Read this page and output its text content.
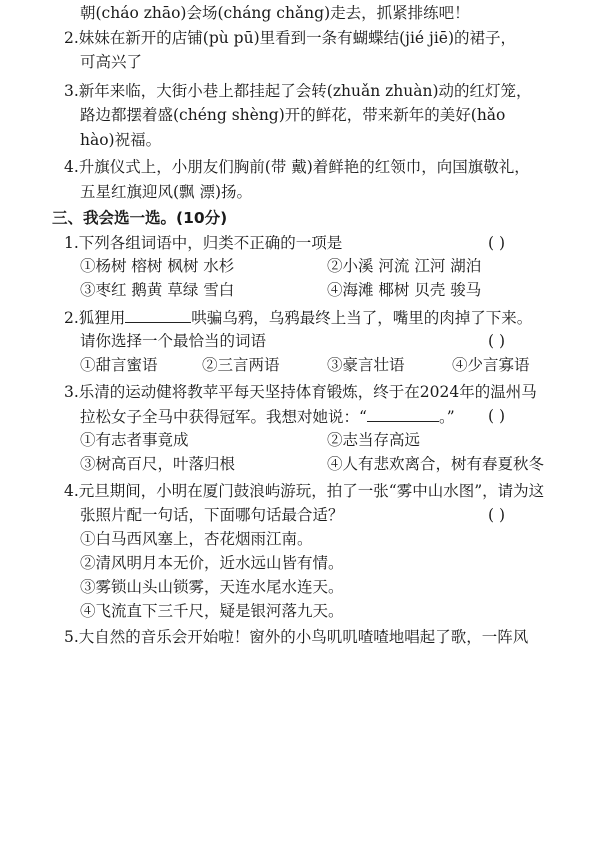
朝(cháo zhāo)会场(cháng chǎng)走去，抓紧排练吧！
2.妹妹在新开的店铺(pù pū)里看到一条有蝴蝶结(jié jiē)的裙子，
可高兴了
3.新年来临，大街小巷上都挂起了会转(zhuǎn zhuàn)动的红灯笼，
路边都摆着盛(chéng shèng)开的鲜花，带来新年的美好(hǎo
hào)祝福。
4.升旗仪式上，小朋友们胸前(带 戴)着鲜艳的红领巾，向国旗敬礼，
五星红旗迎风(飘 漂)扬。
三、我会选一选。(10分)
1.下列各组词语中，归类不正确的一项是	( )
①杨树 榕树 枫树 水杉	②小溪 河流 江河 湖泊
③枣红 鹅黄 草绿 雪白	④海滩 椰树 贝壳 骏马
2.狐狸用	哄骗乌鸦，乌鸦最终上当了，嘴里的肉掉了下来。
请你选择一个最恰当的词语	( )
①甜言蜜语	②三言两语	③豪言壮语	④少言寡语
3.乐清的运动健将教苹平每天坚持体育锻炼，终于在2024年的温州马
拉松女子全马中获得冠军。我想对她说：“	。” ( )
①有志者事竟成	②志当存高远
③树高百尺，叶落归根	④人有悲欢离合，树有春夏秋冬
4.元旦期间，小明在厦门鼓浪屿游玩，拍了一张“雾中山水图”，请为这
张照片配一句话，下面哪句话最合适？	( )
①白马西风塞上，杏花烟雨江南。
②清风明月本无价，近水远山皆有情。
③雾锁山头山锁雾，天连水尾水连天。
④飞流直下三千尺，疑是银河落九天。
5.大自然的音乐会开始啦！窗外的小鸟叽叽喳喳地唱起了歌，一阵风
